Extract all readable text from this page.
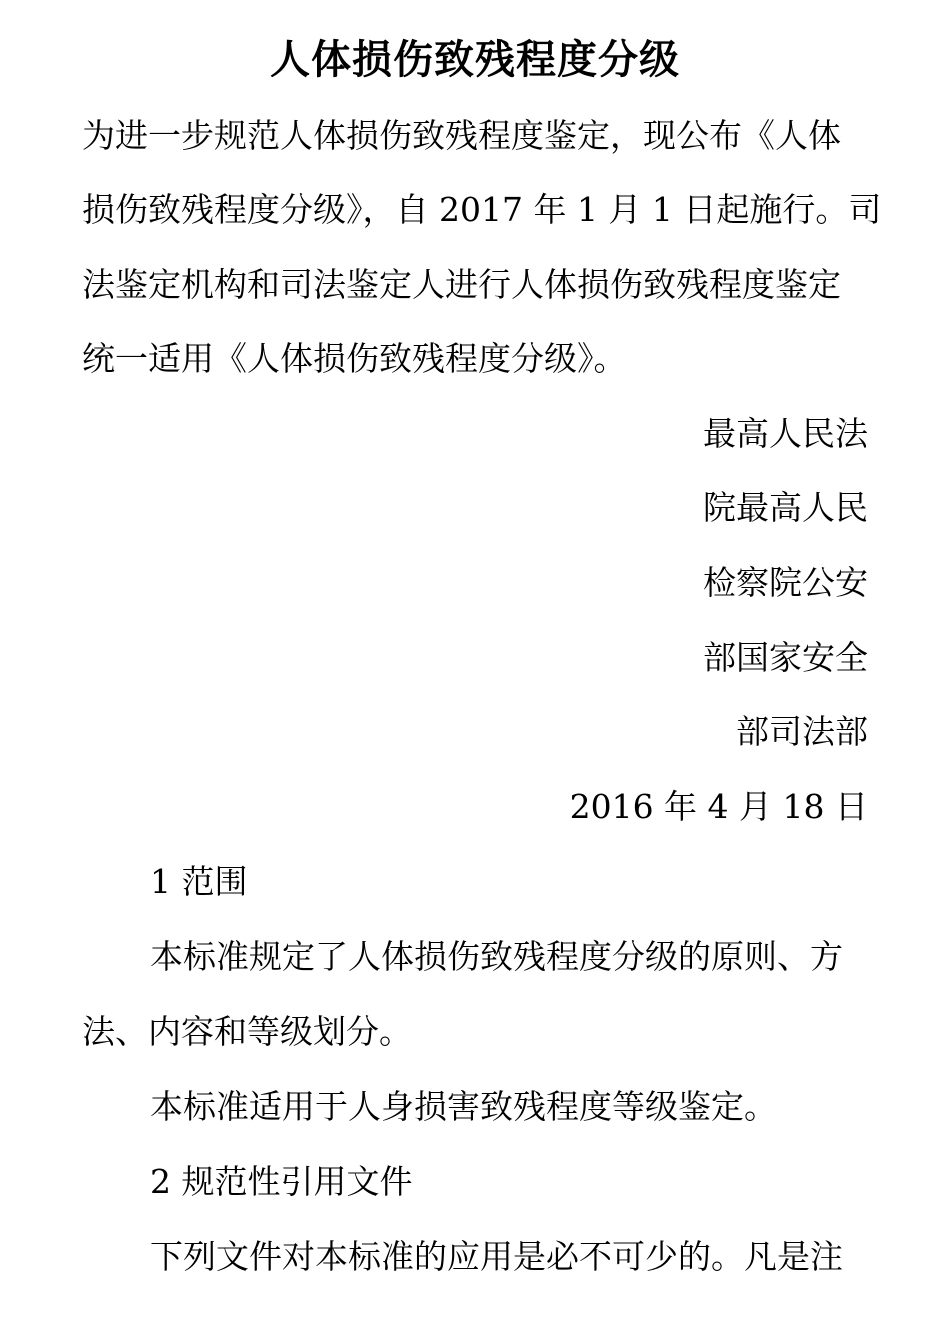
人体损伤致残程度分级
为进一步规范人体损伤致残程度鉴定，现公布《人体
损伤致残程度分级》，自 2017 年 1 月 1 日起施行。司
法鉴定机构和司法鉴定人进行人体损伤致残程度鉴定
统一适用《人体损伤致残程度分级》。
最高人民法
院最高人民
检察院公安
部国家安全
部司法部
2016 年 4 月 18 日
1 范围
本标准规定了人体损伤致残程度分级的原则、方
法、内容和等级划分。
本标准适用于人身损害致残程度等级鉴定。
2 规范性引用文件
下列文件对本标准的应用是必不可少的。凡是注
